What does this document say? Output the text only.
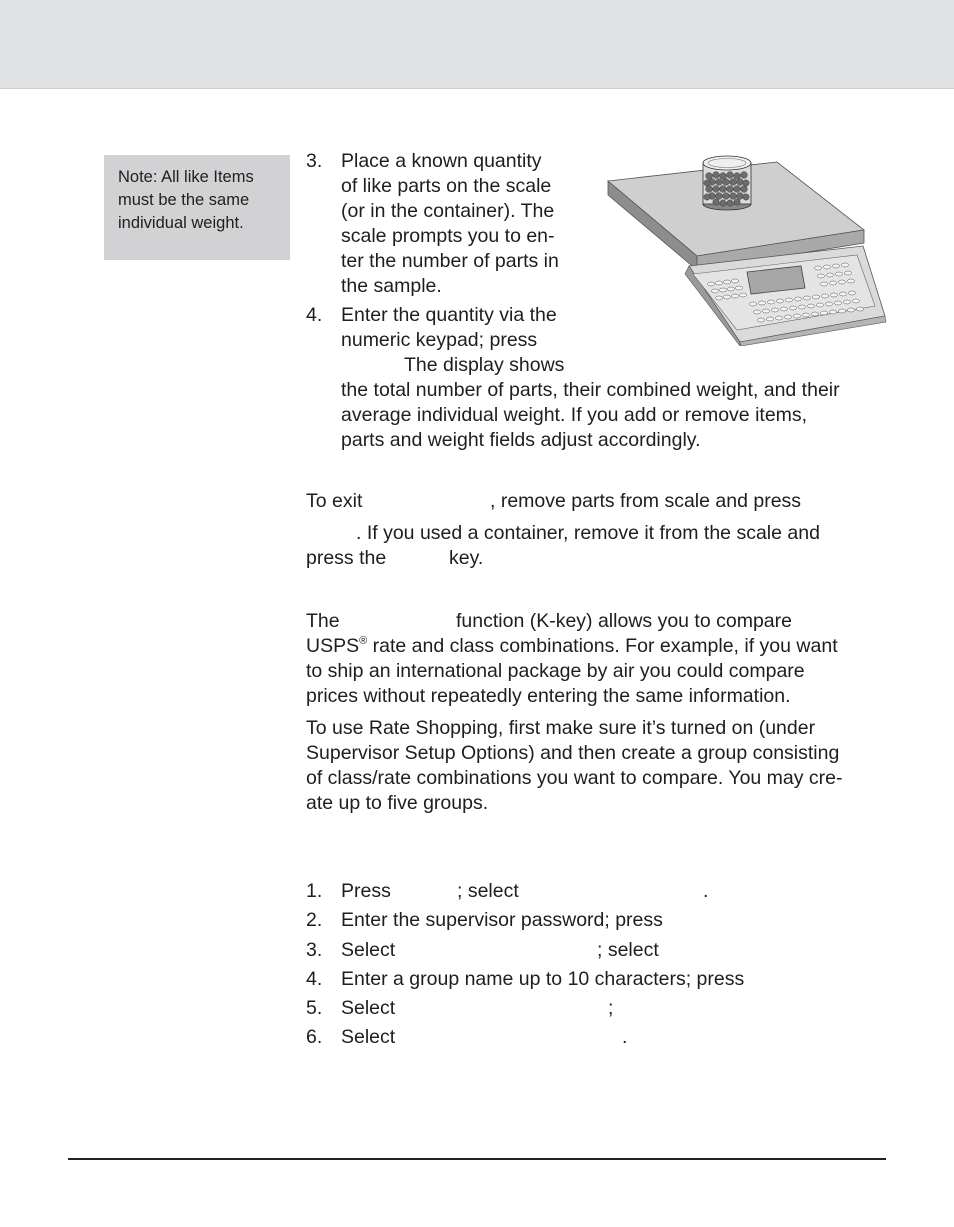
Note: All like Items
must be the same
individual weight.
3. Place a known quantity
of like parts on the scale
(or in the container). The
scale prompts you to en-
ter the number of parts in
the sample.
4. Enter the quantity via the
numeric keypad; press
The display shows
the total number of parts, their combined weight, and their
average individual weight. If you add or remove items,
parts and weight fields adjust accordingly.
To exit	, remove parts from scale and press
. If you used a container, remove it from the scale and
press the	key.
The	function (K-key) allows you to compare
USPS® rate and class combinations. For example, if you want
to ship an international package by air you could compare
prices without repeatedly entering the same information.
To use Rate Shopping, first make sure it’s turned on (under
Supervisor Setup Options) and then create a group consisting
of class/rate combinations you want to compare. You may cre-
ate up to five groups.
1. Press	; select	.
2. Enter the supervisor password; press
3. Select	; select
4. Enter a group name up to 10 characters; press
5. Select	;
6. Select	.
